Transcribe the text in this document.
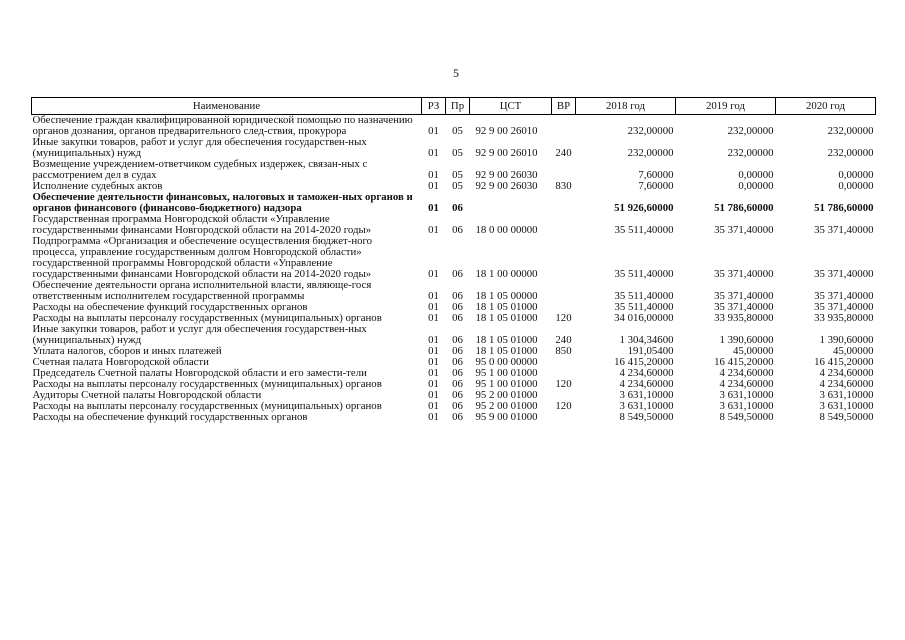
5
Наименование	РЗ	Пр	ЦСТ	ВР	2018 год	2019 год	2020 год
Обеспечение граждан квалифицированной юридической помощью по назначению органов дознания, органов предварительного след-ствия, прокурора	01	05	92 9 00 26010		232,00000	232,00000	232,00000
Иные закупки товаров, работ и услуг для обеспечения государствен-ных (муниципальных) нужд	01	05	92 9 00 26010	240	232,00000	232,00000	232,00000
Возмещение учреждением-ответчиком судебных издержек, связан-ных с рассмотрением дел в судах	01	05	92 9 00 26030		7,60000	0,00000	0,00000
Исполнение судебных актов	01	05	92 9 00 26030	830	7,60000	0,00000	0,00000
Обеспечение деятельности финансовых, налоговых и таможен-ных органов и органов финансового (финансово-бюджетного) надзора	01	06			51 926,60000	51 786,60000	51 786,60000
Государственная программа Новгородской области «Управление государственными финансами Новгородской области на 2014-2020 годы»	01	06	18 0 00 00000		35 511,40000	35 371,40000	35 371,40000
Подпрограмма «Организация и обеспечение осуществления бюджет-ного процесса, управление государственным долгом Новгородской области» государственной программы Новгородской области «Управление государственными финансами Новгородской области на 2014-2020 годы»	01	06	18 1 00 00000		35 511,40000	35 371,40000	35 371,40000
Обеспечение деятельности органа исполнительной власти, являюще-гося ответственным исполнителем государственной программы	01	06	18 1 05 00000		35 511,40000	35 371,40000	35 371,40000
Расходы на обеспечение функций государственных органов	01	06	18 1 05 01000		35 511,40000	35 371,40000	35 371,40000
Расходы на выплаты персоналу государственных (муниципальных) органов	01	06	18 1 05 01000	120	34 016,00000	33 935,80000	33 935,80000
Иные закупки товаров, работ и услуг для обеспечения государствен-ных (муниципальных) нужд	01	06	18 1 05 01000	240	1 304,34600	1 390,60000	1 390,60000
Уплата налогов, сборов и иных платежей	01	06	18 1 05 01000	850	191,05400	45,00000	45,00000
Счетная палата Новгородской области	01	06	95 0 00 00000		16 415,20000	16 415,20000	16 415,20000
Председатель Счетной палаты Новгородской области и его замести-тели	01	06	95 1 00 01000		4 234,60000	4 234,60000	4 234,60000
Расходы на выплаты персоналу государственных (муниципальных) органов	01	06	95 1 00 01000	120	4 234,60000	4 234,60000	4 234,60000
Аудиторы Счетной палаты Новгородской области	01	06	95 2 00 01000		3 631,10000	3 631,10000	3 631,10000
Расходы на выплаты персоналу государственных (муниципальных) органов	01	06	95 2 00 01000	120	3 631,10000	3 631,10000	3 631,10000
Расходы на обеспечение функций государственных органов	01	06	95 9 00 01000		8 549,50000	8 549,50000	8 549,50000
